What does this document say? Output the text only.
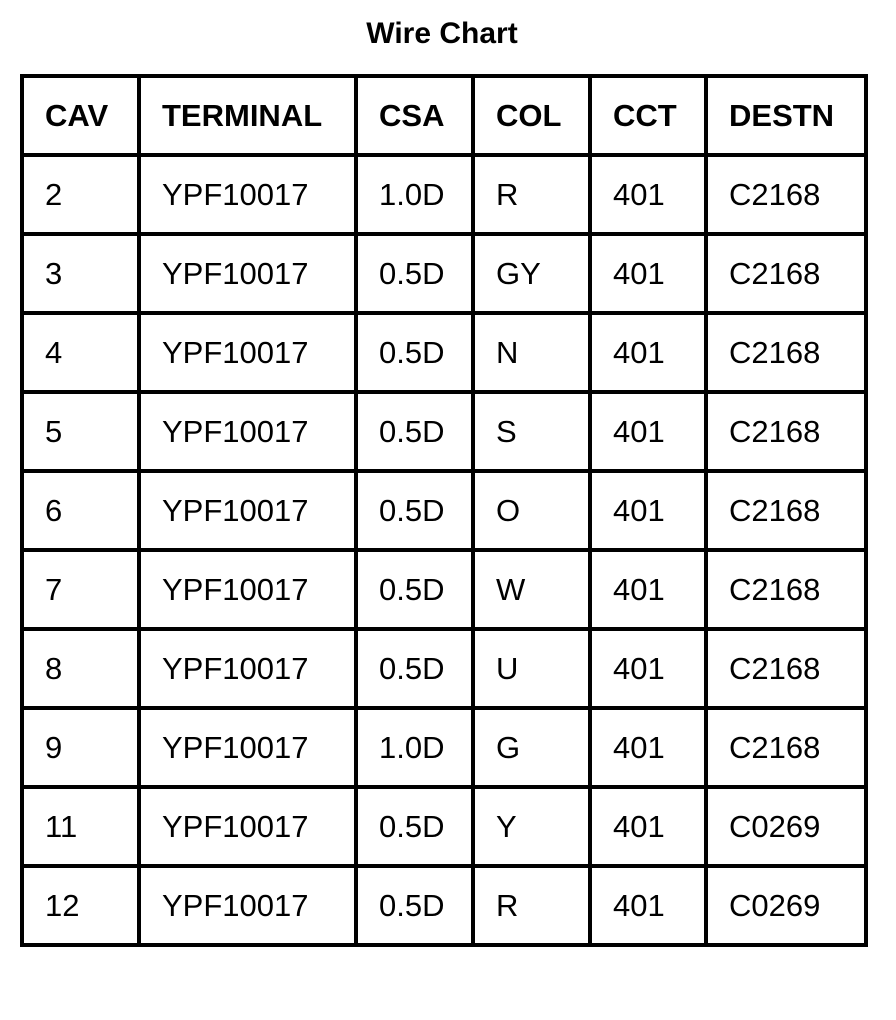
Wire Chart
CAV	TERMINAL	CSA	COL	CCT	DESTN
2	YPF10017	1.0D	R	401	C2168
3	YPF10017	0.5D	GY	401	C2168
4	YPF10017	0.5D	N	401	C2168
5	YPF10017	0.5D	S	401	C2168
6	YPF10017	0.5D	O	401	C2168
7	YPF10017	0.5D	W	401	C2168
8	YPF10017	0.5D	U	401	C2168
9	YPF10017	1.0D	G	401	C2168
11	YPF10017	0.5D	Y	401	C0269
12	YPF10017	0.5D	R	401	C0269
